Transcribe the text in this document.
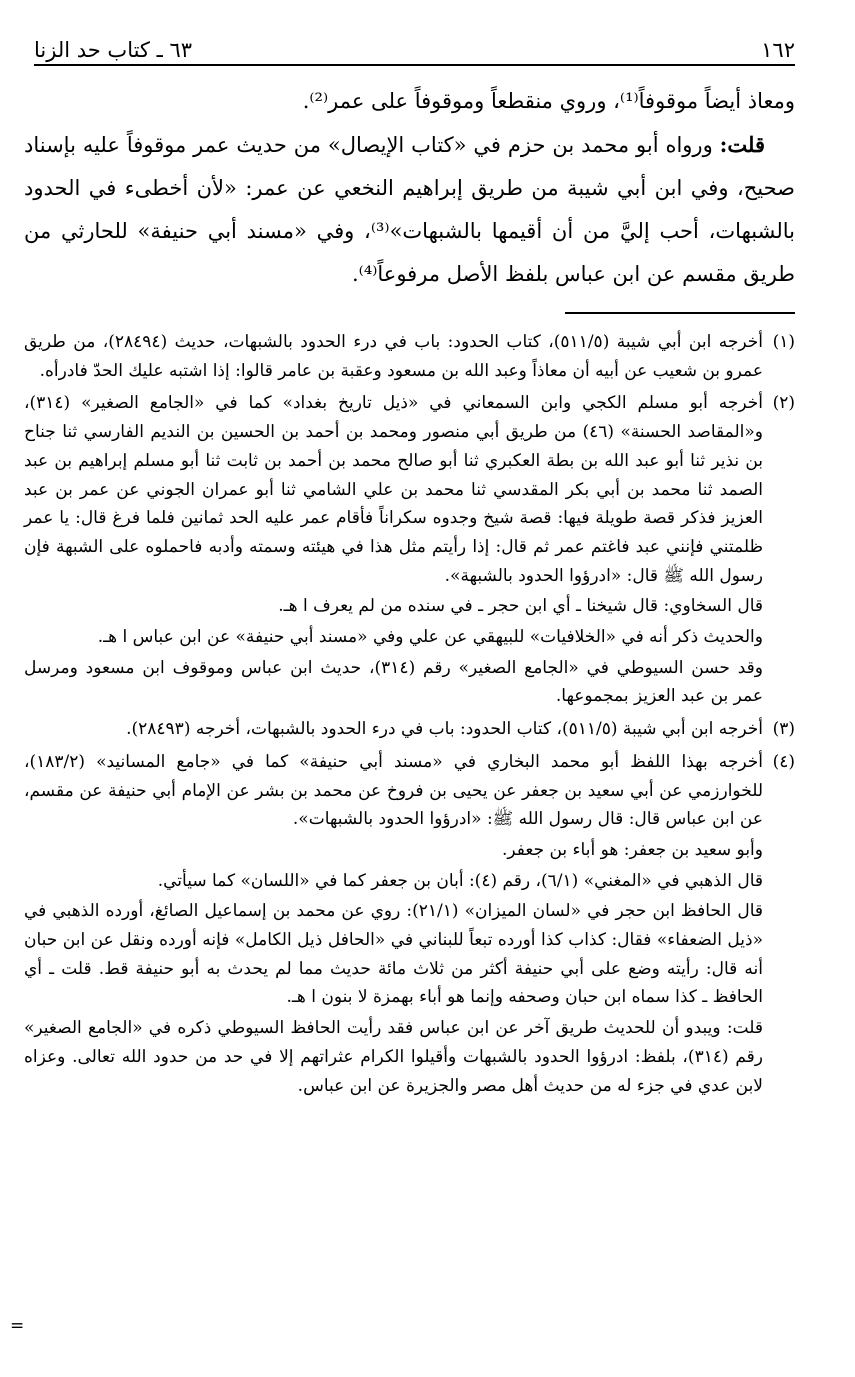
١٦٢
٦٣ ـ كتاب حد الزنا

ومعاذ أيضاً موقوفاً⁽¹⁾، وروي منقطعاً وموقوفاً على عمر⁽²⁾.

قلت: ورواه أبو محمد بن حزم في «كتاب الإيصال» من حديث عمر موقوفاً عليه بإسناد صحيح، وفي ابن أبي شيبة من طريق إبراهيم النخعي عن عمر: «لأن أخطىء في الحدود بالشبهات، أحب إليَّ من أن أقيمها بالشبهات»⁽³⁾، وفي «مسند أبي حنيفة» للحارثي من طريق مقسم عن ابن عباس بلفظ الأصل مرفوعاً⁽⁴⁾.

(١)

أخرجه ابن أبي شيبة (٥١١/٥)، كتاب الحدود: باب في درء الحدود بالشبهات، حديث (٢٨٤٩٤)، من طريق عمرو بن شعيب عن أبيه أن معاذاً وعبد الله بن مسعود وعقبة بن عامر قالوا: إذا اشتبه عليك الحدّ فادرأه.

(٢)

أخرجه أبو مسلم الكجي وابن السمعاني في «ذيل تاريخ بغداد» كما في «الجامع الصغير» (٣١٤)، و«المقاصد الحسنة» (٤٦) من طريق أبي منصور ومحمد بن أحمد بن الحسين بن النديم الفارسي ثنا جناح بن نذير ثنا أبو عبد الله بن بطة العكبري ثنا أبو صالح محمد بن أحمد بن ثابت ثنا أبو مسلم إبراهيم بن عبد الصمد ثنا محمد بن أبي بكر المقدسي ثنا محمد بن علي الشامي ثنا أبو عمران الجوني عن عمر بن عبد العزيز فذكر قصة طويلة فيها: قصة شيخ وجدوه سكراناً فأقام عمر عليه الحد ثمانين فلما فرغ قال: يا عمر ظلمتني فإنني عبد فاغتم عمر ثم قال: إذا رأيتم مثل هذا في هيئته وسمته وأدبه فاحملوه على الشبهة فإن رسول الله ﷺ قال: «ادرؤوا الحدود بالشبهة».

قال السخاوي: قال شيخنا ـ أي ابن حجر ـ في سنده من لم يعرف ا هـ.

والحديث ذكر أنه في «الخلافيات» للبيهقي عن علي وفي «مسند أبي حنيفة» عن ابن عباس ا هـ.

وقد حسن السيوطي في «الجامع الصغير» رقم (٣١٤)، حديث ابن عباس وموقوف ابن مسعود ومرسل عمر بن عبد العزيز بمجموعها.

(٣)

أخرجه ابن أبي شيبة (٥١١/٥)، كتاب الحدود: باب في درء الحدود بالشبهات، أخرجه (٢٨٤٩٣).

(٤)

أخرجه بهذا اللفظ أبو محمد البخاري في «مسند أبي حنيفة» كما في «جامع المسانيد» (١٨٣/٢)، للخوارزمي عن أبي سعيد بن جعفر عن يحيى بن فروخ عن محمد بن بشر عن الإمام أبي حنيفة عن مقسم، عن ابن عباس قال: قال رسول الله ﷺ: «ادرؤوا الحدود بالشبهات».

وأبو سعيد بن جعفر: هو أباء بن جعفر.

قال الذهبي في «المغني» (٦/١)، رقم (٤): أبان بن جعفر كما في «اللسان» كما سيأتي.

قال الحافظ ابن حجر في «لسان الميزان» (٢١/١): روي عن محمد بن إسماعيل الصائغ، أورده الذهبي في «ذيل الضعفاء» فقال: كذاب كذا أورده تبعاً للبناني في «الحافل ذيل الكامل» فإنه أورده ونقل عن ابن حبان أنه قال: رأيته وضع على أبي حنيفة أكثر من ثلاث مائة حديث مما لم يحدث به أبو حنيفة قط. قلت ـ أي الحافظ ـ كذا سماه ابن حبان وصحفه وإنما هو أباء بهمزة لا بنون ا هـ.

قلت: ويبدو أن للحديث طريق آخر عن ابن عباس فقد رأيت الحافظ السيوطي ذكره في «الجامع الصغير» رقم (٣١٤)، بلفظ: ادرؤوا الحدود بالشبهات وأقيلوا الكرام عثراتهم إلا في حد من حدود الله تعالى. وعزاه لابن عدي في جزء له من حديث أهل مصر والجزيرة عن ابن عباس.

=
